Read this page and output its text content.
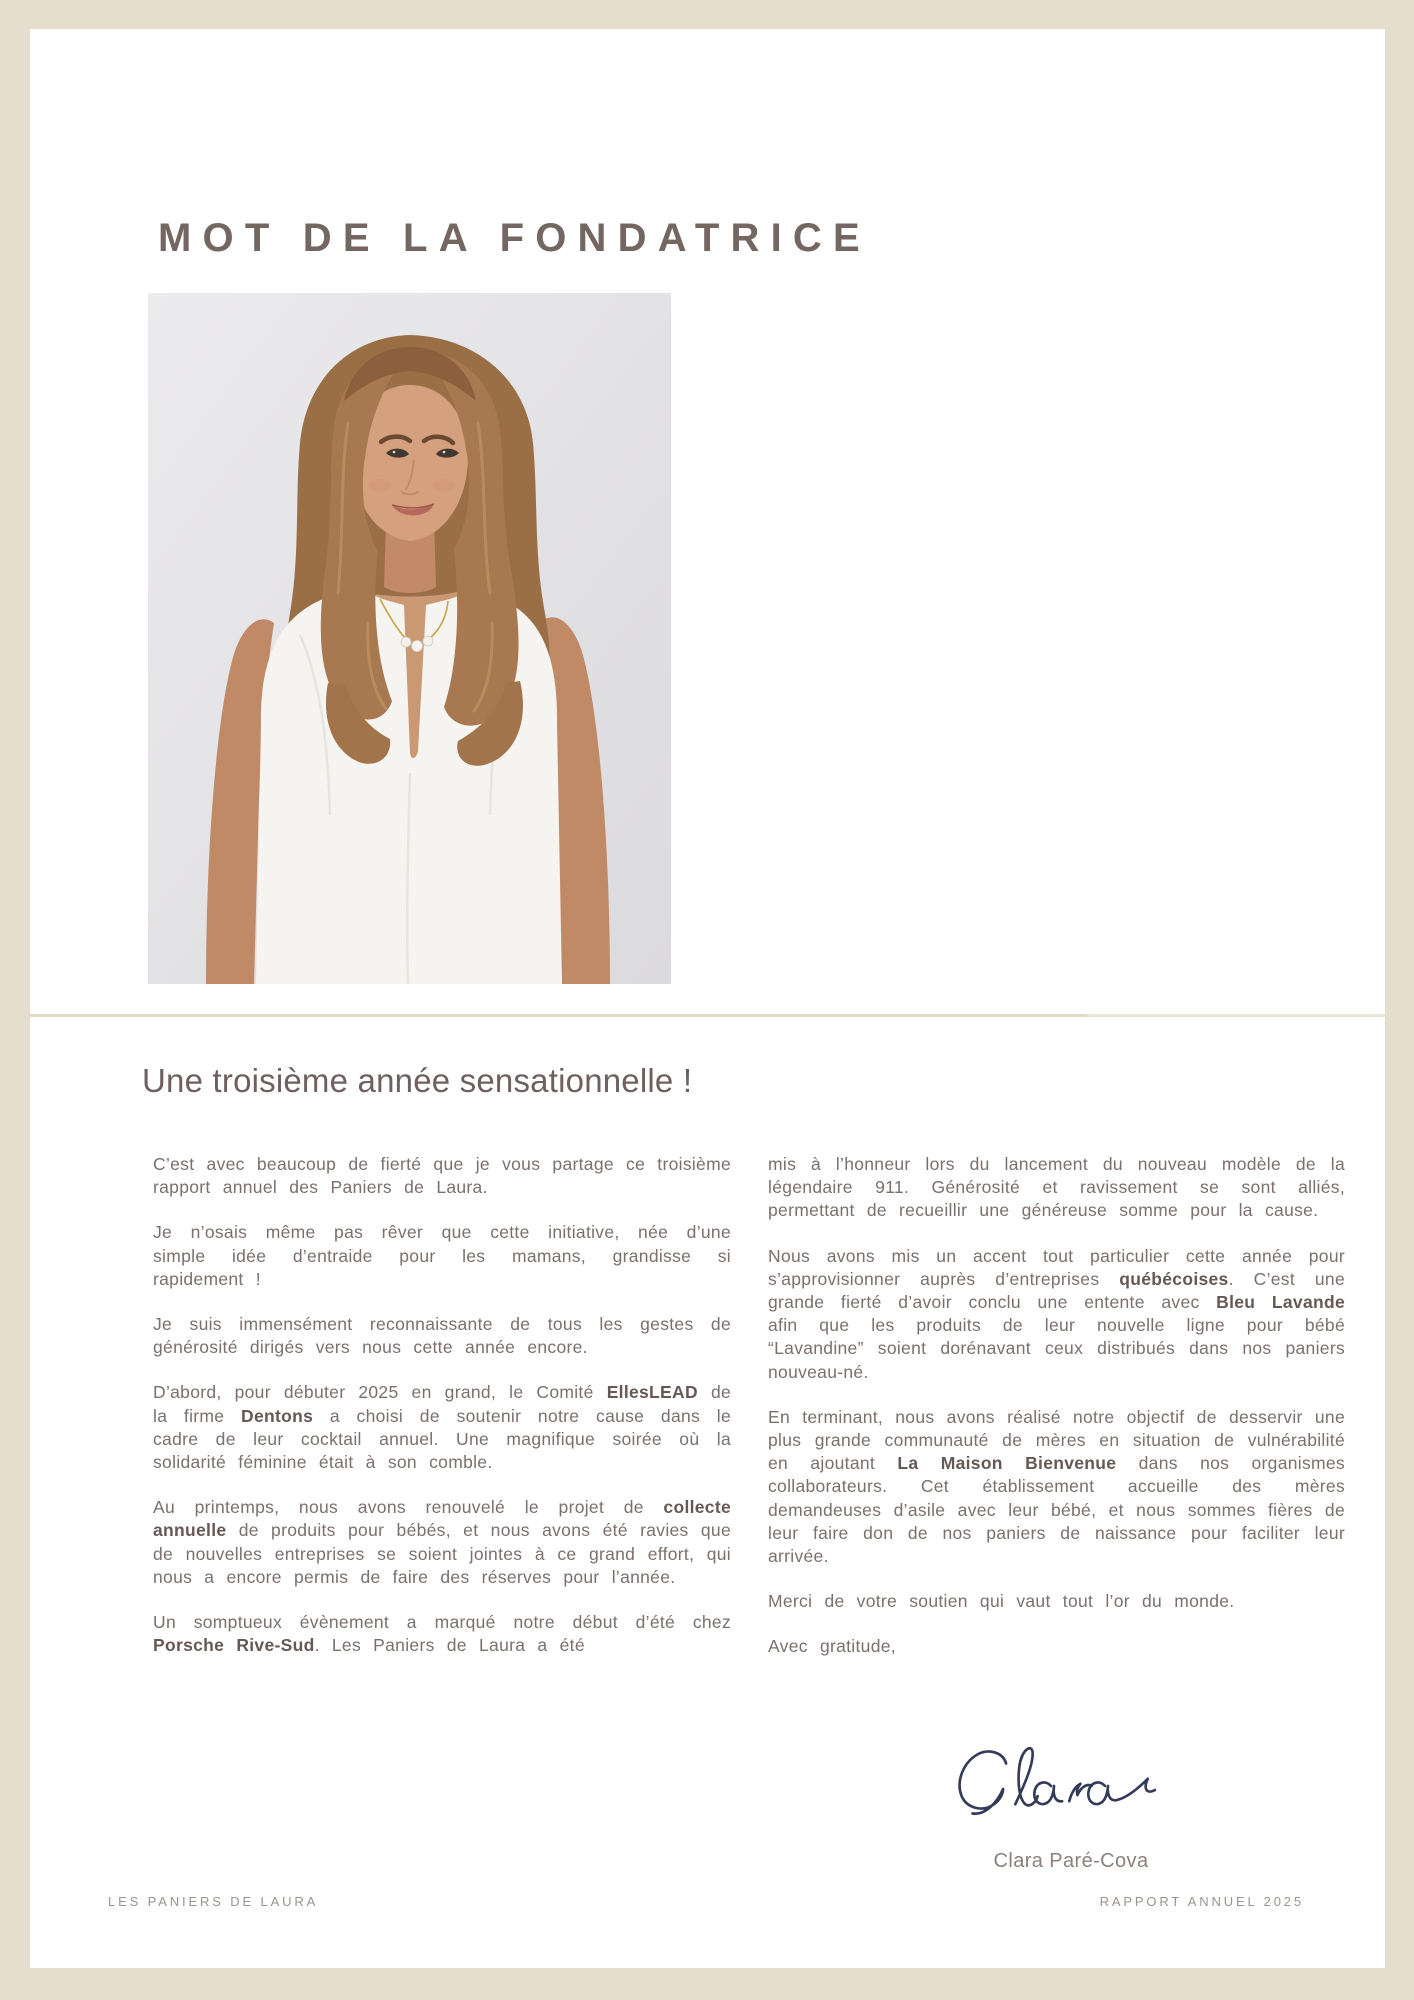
MOT DE LA FONDATRICE
Une troisième année sensationnelle !

C’est avec beaucoup de fierté que je vous partage ce troisième rapport annuel des Paniers de Laura.

Je n’osais même pas rêver que cette initiative, née d’une simple idée d’entraide pour les mamans, grandisse si rapidement !

Je suis immensément reconnaissante de tous les gestes de générosité dirigés vers nous cette année encore.

D’abord, pour débuter 2025 en grand, le Comité EllesLEAD de la firme Dentons a choisi de soutenir notre cause dans le cadre de leur cocktail annuel. Une magnifique soirée où la solidarité féminine était à son comble.

Au printemps, nous avons renouvelé le projet de collecte annuelle de produits pour bébés, et nous avons été ravies que de nouvelles entreprises se soient jointes à ce grand effort, qui nous a encore permis de faire des réserves pour l’année.

Un somptueux évènement a marqué notre début d’été chez Porsche Rive-Sud. Les Paniers de Laura a été

mis à l’honneur lors du lancement du nouveau modèle de la légendaire 911. Générosité et ravissement se sont alliés, permettant de recueillir une généreuse somme pour la cause.

Nous avons mis un accent tout particulier cette année pour s’approvisionner auprès d’entreprises québécoises. C’est une grande fierté d’avoir conclu une entente avec Bleu Lavande afin que les produits de leur nouvelle ligne pour bébé “Lavandine” soient dorénavant ceux distribués dans nos paniers nouveau-né.

En terminant, nous avons réalisé notre objectif de desservir une plus grande communauté de mères en situation de vulnérabilité en ajoutant La Maison Bienvenue dans nos organismes collaborateurs. Cet établissement accueille des mères demandeuses d’asile avec leur bébé, et nous sommes fières de leur faire don de nos paniers de naissance pour faciliter leur arrivée.

Merci de votre soutien qui vaut tout l’or du monde.

Avec gratitude,

Clara Paré-Cova
LES PANIERS DE LAURA	RAPPORT ANNUEL 2025
